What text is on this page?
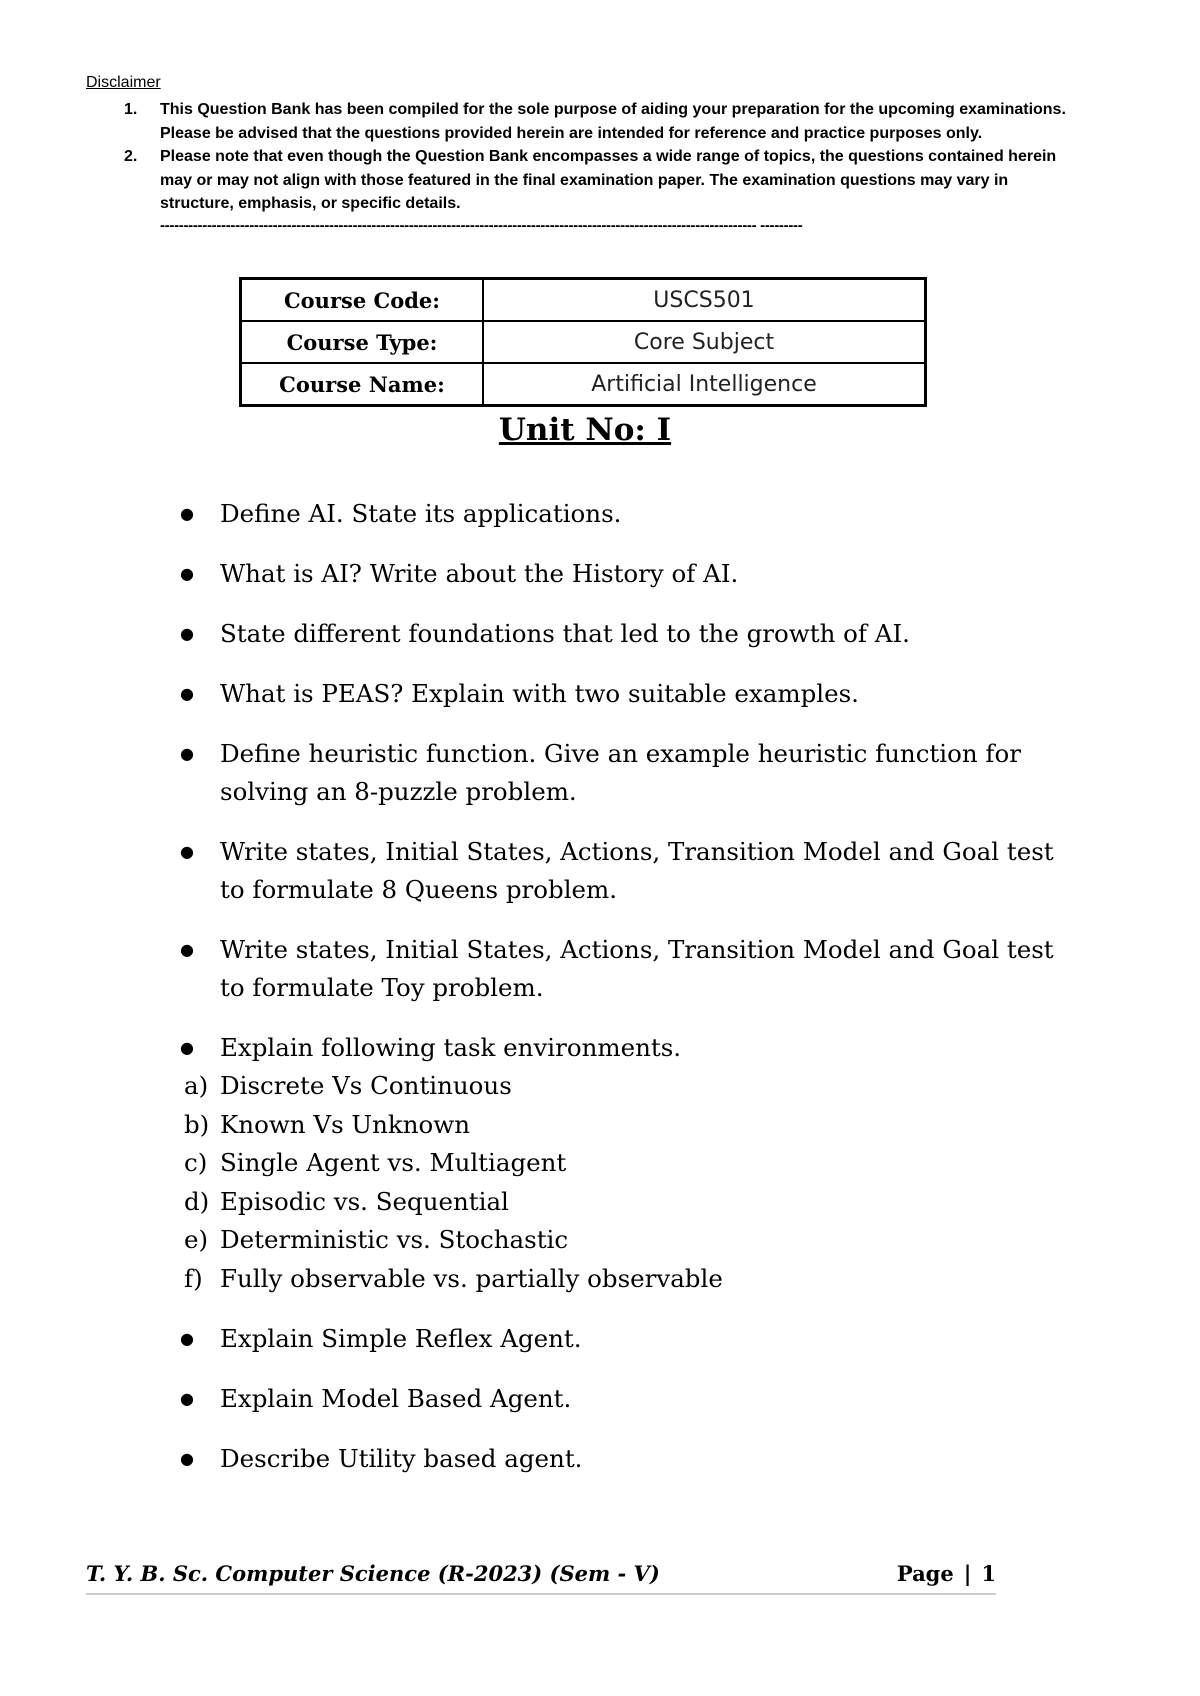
Disclaimer
1. This Question Bank has been compiled for the sole purpose of aiding your preparation for the upcoming examinations. Please be advised that the questions provided herein are intended for reference and practice purposes only.
2. Please note that even though the Question Bank encompasses a wide range of topics, the questions contained herein may or may not align with those featured in the final examination paper. The examination questions may vary in structure, emphasis, or specific details.
------------------------------------------------------------------------------------------------------------------------------- ---------
Course Code:	USCS501
Course Type:	Core Subject
Course Name:	Artificial Intelligence
Unit No: I
● Define AI. State its applications.
● What is AI? Write about the History of AI.
● State different foundations that led to the growth of AI.
● What is PEAS? Explain with two suitable examples.
● Define heuristic function. Give an example heuristic function for solving an 8-puzzle problem.
● Write states, Initial States, Actions, Transition Model and Goal test to formulate 8 Queens problem.
● Write states, Initial States, Actions, Transition Model and Goal test to formulate Toy problem.
● Explain following task environments.
a) Discrete Vs Continuous
b) Known Vs Unknown
c) Single Agent vs. Multiagent
d) Episodic vs. Sequential
e) Deterministic vs. Stochastic
f) Fully observable vs. partially observable
● Explain Simple Reflex Agent.
● Explain Model Based Agent.
● Describe Utility based agent.
T. Y. B. Sc. Computer Science (R-2023) (Sem - V)	Page | 1
